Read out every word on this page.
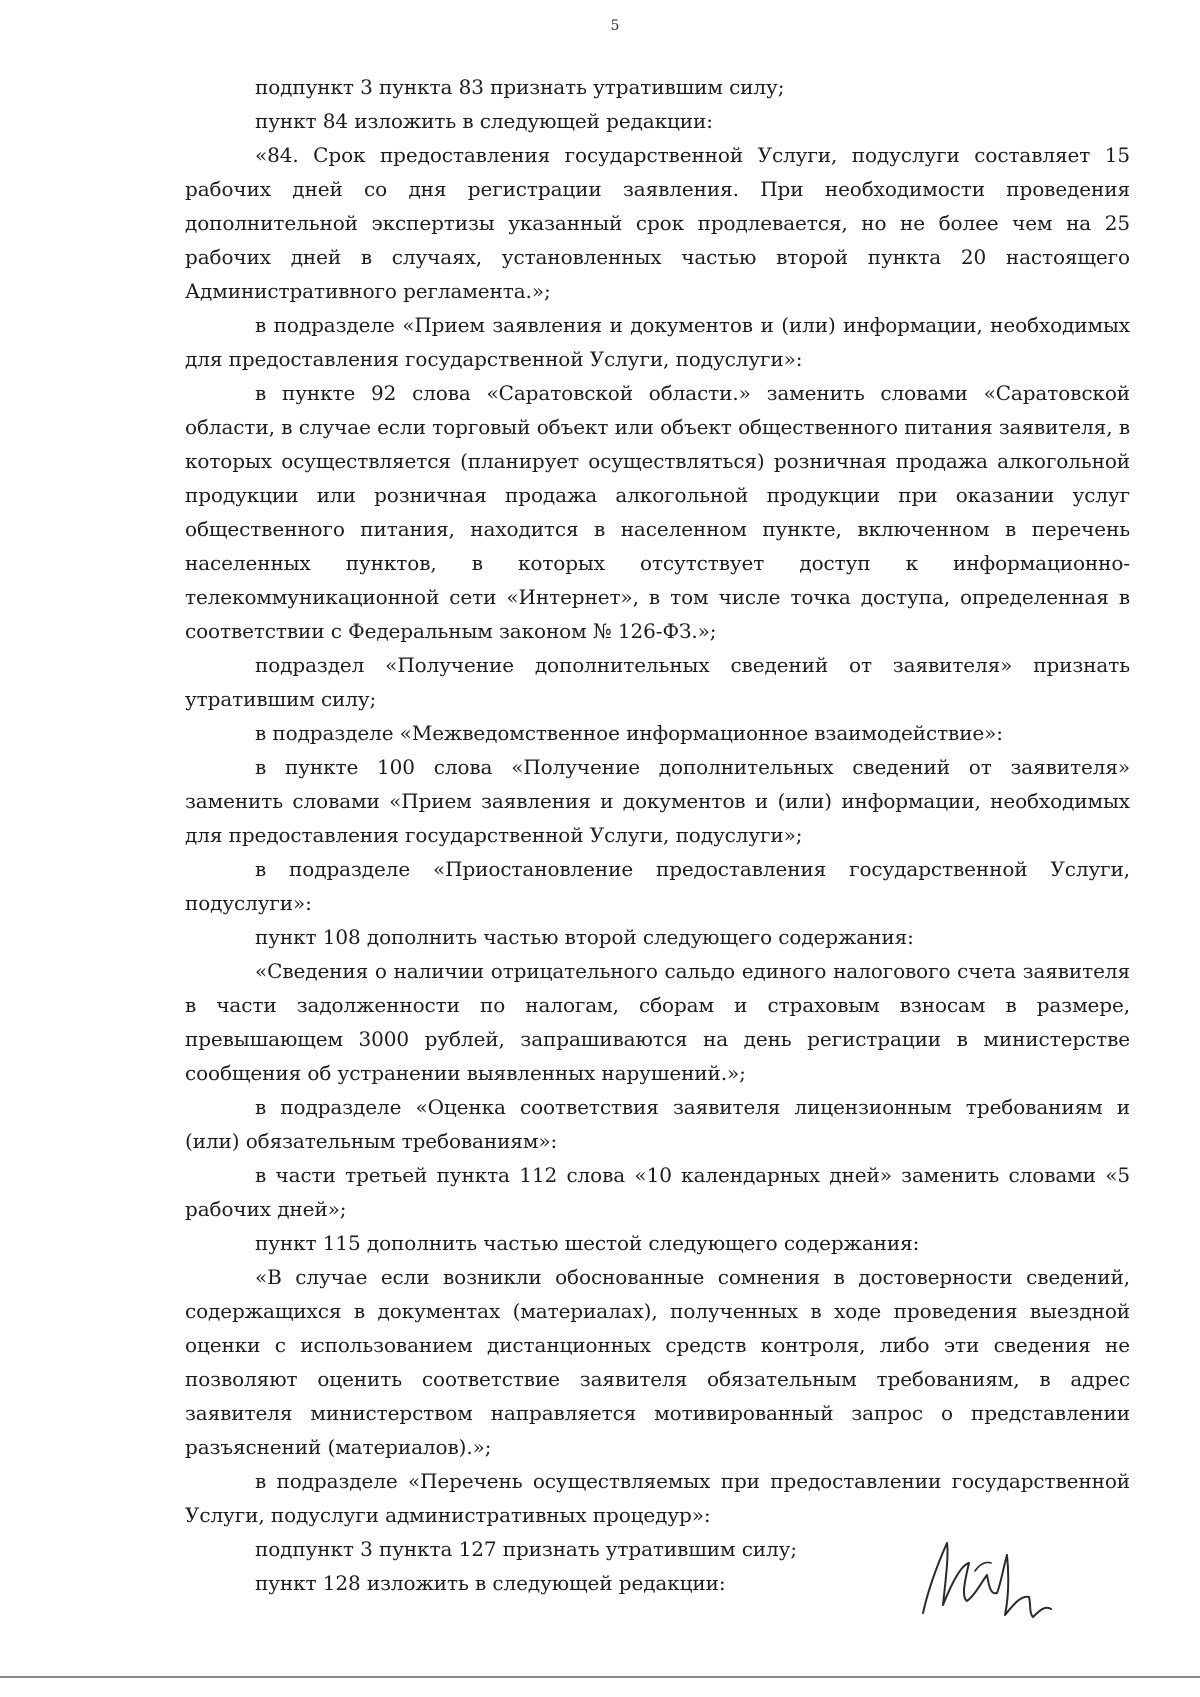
5

подпункт 3 пункта 83 признать утратившим силу;

пункт 84 изложить в следующей редакции:

«84. Срок предоставления государственной Услуги, подуслуги составляет 15 рабочих дней со дня регистрации заявления. При необходимости проведения дополнительной экспертизы указанный срок продлевается, но не более чем на 25 рабочих дней в случаях, установленных частью второй пункта 20 настоящего Административного регламента.»;

в подразделе «Прием заявления и документов и (или) информации, необходимых для предоставления государственной Услуги, подуслуги»:

в пункте 92 слова «Саратовской области.» заменить словами «Саратовской области, в случае если торговый объект или объект общественного питания заявителя, в которых осуществляется (планирует осуществляться) розничная продажа алкогольной продукции или розничная продажа алкогольной продукции при оказании услуг общественного питания, находится в населенном пункте, включенном в перечень населенных пунктов, в которых отсутствует доступ к информационно-телекоммуникационной сети «Интернет», в том числе точка доступа, определенная в соответствии с Федеральным законом № 126-ФЗ.»;

подраздел «Получение дополнительных сведений от заявителя» признать утратившим силу;

в подразделе «Межведомственное информационное взаимодействие»:

в пункте 100 слова «Получение дополнительных сведений от заявителя» заменить словами «Прием заявления и документов и (или) информации, необходимых для предоставления государственной Услуги, подуслуги»;

в подразделе «Приостановление предоставления государственной Услуги, подуслуги»:

пункт 108 дополнить частью второй следующего содержания:

«Сведения о наличии отрицательного сальдо единого налогового счета заявителя в части задолженности по налогам, сборам и страховым взносам в размере, превышающем 3000 рублей, запрашиваются на день регистрации в министерстве сообщения об устранении выявленных нарушений.»;

в подразделе «Оценка соответствия заявителя лицензионным требованиям и (или) обязательным требованиям»:

в части третьей пункта 112 слова «10 календарных дней» заменить словами «5 рабочих дней»;

пункт 115 дополнить частью шестой следующего содержания:

«В случае если возникли обоснованные сомнения в достоверности сведений, содержащихся в документах (материалах), полученных в ходе проведения выездной оценки с использованием дистанционных средств контроля, либо эти сведения не позволяют оценить соответствие заявителя обязательным требованиям, в адрес заявителя министерством направляется мотивированный запрос о представлении разъяснений (материалов).»;

в подразделе «Перечень осуществляемых при предоставлении государственной Услуги, подуслуги административных процедур»:

подпункт 3 пункта 127 признать утратившим силу;

пункт 128 изложить в следующей редакции:
